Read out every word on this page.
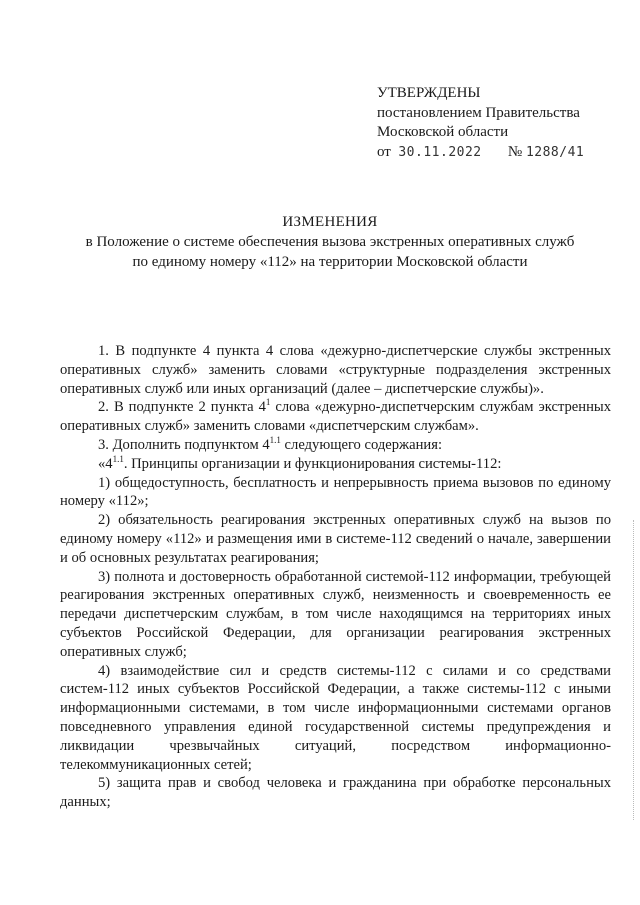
УТВЕРЖДЕНЫ
постановлением Правительства
Московской области
от 30.11.2022 № 1288/41
ИЗМЕНЕНИЯ
в Положение о системе обеспечения вызова экстренных оперативных служб
по единому номеру «112» на территории Московской области

1. В подпункте 4 пункта 4 слова «дежурно-диспетчерские службы экстренных оперативных служб» заменить словами «структурные подразделения экстренных оперативных служб или иных организаций (далее – диспетчерские службы)».

2. В подпункте 2 пункта $4^1$ слова «дежурно-диспетчерским службам экстренных оперативных служб» заменить словами «диспетчерским службам».

3. Дополнить подпунктом $4^{1.1}$ следующего содержания:

«$4^{1.1}$. Принципы организации и функционирования системы-112:

1) общедоступность, бесплатность и непрерывность приема вызовов по единому номеру «112»;

2) обязательность реагирования экстренных оперативных служб на вызов по единому номеру «112» и размещения ими в системе-112 сведений о начале, завершении и об основных результатах реагирования;

3) полнота и достоверность обработанной системой-112 информации, требующей реагирования экстренных оперативных служб, неизменность и своевременность ее передачи диспетчерским службам, в том числе находящимся на территориях иных субъектов Российской Федерации, для организации реагирования экстренных оперативных служб;

4) взаимодействие сил и средств системы-112 с силами и со средствами систем-112 иных субъектов Российской Федерации, а также системы-112 с иными информационными системами, в том числе информационными системами органов повседневного управления единой государственной системы предупреждения и ликвидации чрезвычайных ситуаций, посредством информационно-телекоммуникационных сетей;

5) защита прав и свобод человека и гражданина при обработке персональных данных;
